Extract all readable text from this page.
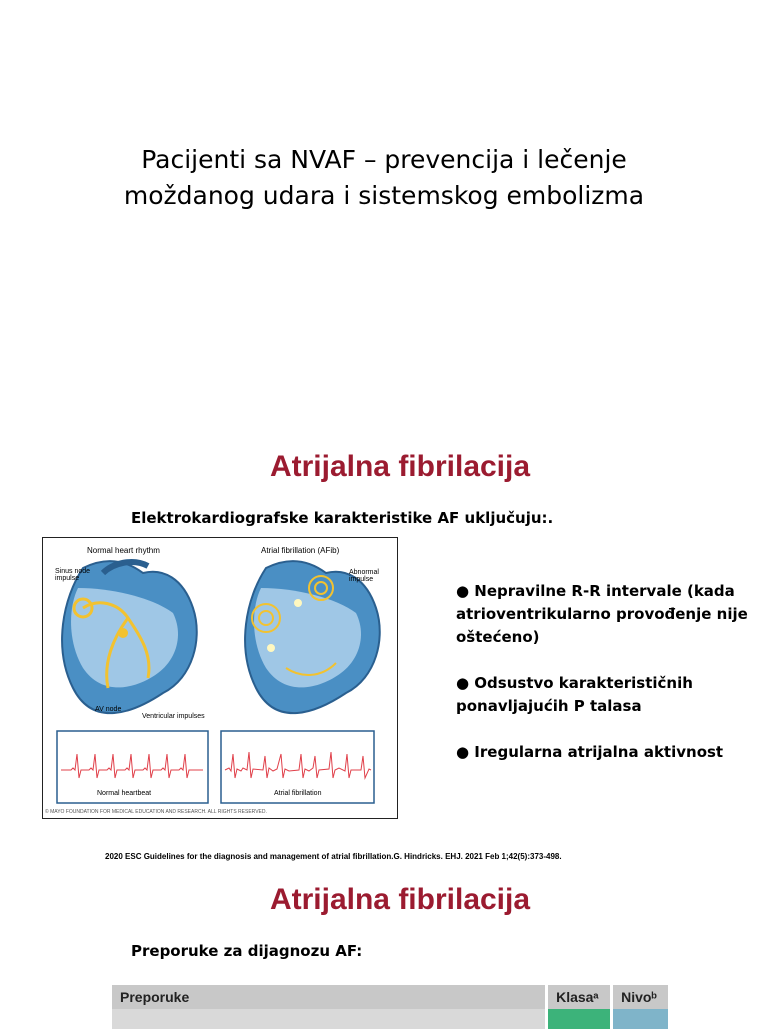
Pacijenti sa NVAF – prevencija i lečenje
moždanog udara i sistemskog embolizma
Atrijalna fibrilacija
Elektrokardiografske karakteristike AF uključuju:.
Normal heart rhythm	Atrial fibrillation (AFib)
Sinus node impulse
Abnormal impulse
AV node
Ventricular impulses
Normal heartbeat	Atrial fibrillation
© MAYO FOUNDATION FOR MEDICAL EDUCATION AND RESEARCH. ALL RIGHTS RESERVED.
● Nepravilne R-R intervale (kada atrioventrikularno provođenje nije oštećeno)
● Odsustvo karakterističnih ponavljajućih P talasa
● Iregularna atrijalna aktivnost
2020 ESC Guidelines for the diagnosis and management of atrial fibrillation.G. Hindricks. EHJ. 2021 Feb 1;42(5):373-498.
Atrijalna fibrilacija
Preporuke za dijagnozu AF:
Preporuke	Klasaᵃ	Nivoᵇ
